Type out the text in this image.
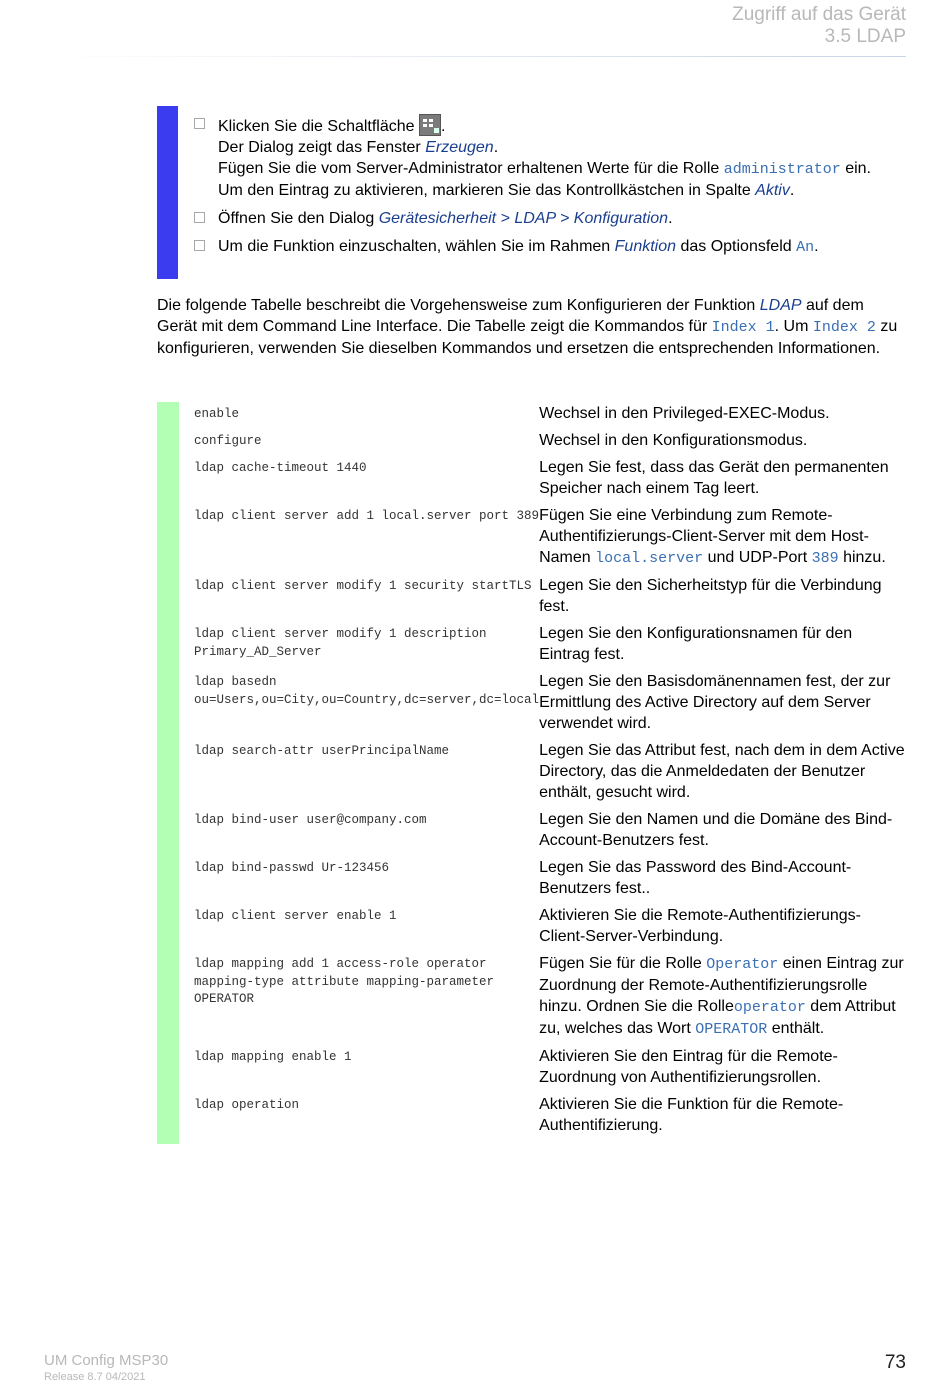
Zugriff auf das Gerät
3.5 LDAP
Klicken Sie die Schaltfläche .
Der Dialog zeigt das Fenster Erzeugen.
Fügen Sie die vom Server-Administrator erhaltenen Werte für die Rolle administrator ein.
Um den Eintrag zu aktivieren, markieren Sie das Kontrollkästchen in Spalte Aktiv.
Öffnen Sie den Dialog Gerätesicherheit > LDAP > Konfiguration.
Um die Funktion einzuschalten, wählen Sie im Rahmen Funktion das Optionsfeld An.
Die folgende Tabelle beschreibt die Vorgehensweise zum Konfigurieren der Funktion LDAP auf dem Gerät mit dem Command Line Interface. Die Tabelle zeigt die Kommandos für Index 1. Um Index 2 zu konfigurieren, verwenden Sie dieselben Kommandos und ersetzen die entsprechenden Informationen.
enable	Wechsel in den Privileged-EXEC-Modus.
configure	Wechsel in den Konfigurationsmodus.
ldap cache-timeout 1440	Legen Sie fest, dass das Gerät den permanenten Speicher nach einem Tag leert.
ldap client server add 1 local.server port 389	Fügen Sie eine Verbindung zum Remote-Authentifizierungs-Client-Server mit dem Host-Namen local.server und UDP-Port 389 hinzu.
ldap client server modify 1 security startTLS	Legen Sie den Sicherheitstyp für die Verbindung fest.
ldap client server modify 1 description Primary_AD_Server	Legen Sie den Konfigurationsnamen für den Eintrag fest.
ldap basedn ou=Users,ou=City,ou=Country,dc=server,dc=local	Legen Sie den Basisdomänennamen fest, der zur Ermittlung des Active Directory auf dem Server verwendet wird.
ldap search-attr userPrincipalName	Legen Sie das Attribut fest, nach dem in dem Active Directory, das die Anmeldedaten der Benutzer enthält, gesucht wird.
ldap bind-user user@company.com	Legen Sie den Namen und die Domäne des Bind-Account-Benutzers fest.
ldap bind-passwd Ur-123456	Legen Sie das Password des Bind-Account-Benutzers fest..
ldap client server enable 1	Aktivieren Sie die Remote-Authentifizierungs-Client-Server-Verbindung.
ldap mapping add 1 access-role operator mapping-type attribute mapping-parameter OPERATOR	Fügen Sie für die Rolle Operator einen Eintrag zur Zuordnung der Remote-Authentifizierungsrolle hinzu. Ordnen Sie die Rolleoperator dem Attribut zu, welches das Wort OPERATOR enthält.
ldap mapping enable 1	Aktivieren Sie den Eintrag für die Remote-Zuordnung von Authentifizierungsrollen.
ldap operation	Aktivieren Sie die Funktion für die Remote-Authentifizierung.
UM Config MSP30
Release 8.7 04/2021
73
